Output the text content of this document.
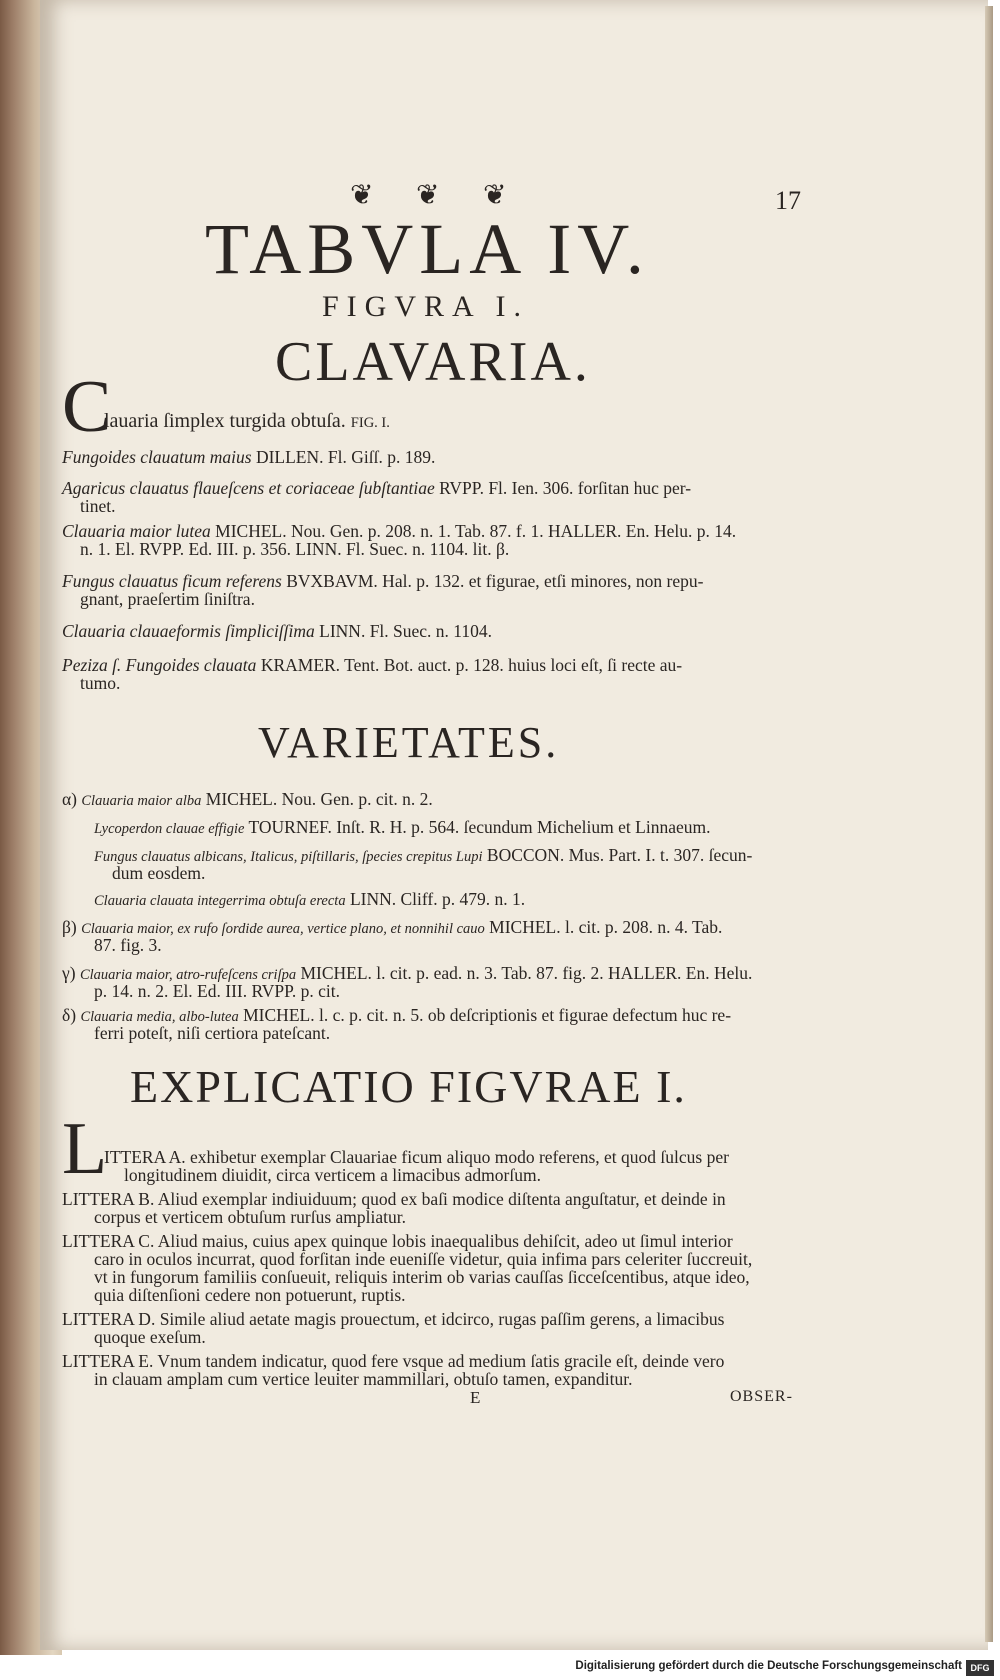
❦ ❦ ❦	17
TABVLA IV.
FIGVRA I.
CLAVARIA.
C
lauaria ſimplex turgida obtuſa. FIG. I.
Fungoides clauatum maius DILLEN. Fl. Giſſ. p. 189.
Agaricus clauatus flaueſcens et coriaceae ſubſtantiae RVPP. Fl. Ien. 306. forſitan huc per-
tinet.
Clauaria maior lutea MICHEL. Nou. Gen. p. 208. n. 1. Tab. 87. f. 1. HALLER. En. Helu. p. 14.
n. 1. El. RVPP. Ed. III. p. 356. LINN. Fl. Suec. n. 1104. lit. β.
Fungus clauatus ficum referens BVXBAVM. Hal. p. 132. et figurae, etſi minores, non repu-
gnant, praeſertim ſiniſtra.
Clauaria clauaeformis ſimpliciſſima LINN. Fl. Suec. n. 1104.
Peziza ſ. Fungoides clauata KRAMER. Tent. Bot. auct. p. 128. huius loci eſt, ſi recte au-
tumo.
VARIETATES.
α) Clauaria maior alba MICHEL. Nou. Gen. p. cit. n. 2.
Lycoperdon clauae effigie TOURNEF. Inſt. R. H. p. 564. ſecundum Michelium et Linnaeum.
Fungus clauatus albicans, Italicus, piſtillaris, ſpecies crepitus Lupi BOCCON. Mus. Part. I. t. 307. ſecun-
dum eosdem.
Clauaria clauata integerrima obtuſa erecta LINN. Cliff. p. 479. n. 1.
β) Clauaria maior, ex rufo ſordide aurea, vertice plano, et nonnihil cauo MICHEL. l. cit. p. 208. n. 4. Tab.
87. fig. 3.
γ) Clauaria maior, atro-rufeſcens criſpa MICHEL. l. cit. p. ead. n. 3. Tab. 87. fig. 2. HALLER. En. Helu.
p. 14. n. 2. El. Ed. III. RVPP. p. cit.
δ) Clauaria media, albo-lutea MICHEL. l. c. p. cit. n. 5. ob deſcriptionis et figurae defectum huc re-
ferri poteſt, niſi certiora pateſcant.
EXPLICATIO FIGVRAE I.
L
ITTERA A. exhibetur exemplar Clauariae ficum aliquo modo referens, et quod ſulcus per
longitudinem diuidit, circa verticem a limacibus admorſum.
LITTERA B. Aliud exemplar indiuiduum; quod ex baſi modice diſtenta anguſtatur, et deinde in
corpus et verticem obtuſum rurſus ampliatur.
LITTERA C. Aliud maius, cuius apex quinque lobis inaequalibus dehiſcit, adeo ut ſimul interior
caro in oculos incurrat, quod forſitan inde eueniſſe videtur, quia infima pars celeriter ſuccreuit,
vt in fungorum familiis conſueuit, reliquis interim ob varias cauſſas ſicceſcentibus, atque ideo,
quia diſtenſioni cedere non potuerunt, ruptis.
LITTERA D. Simile aliud aetate magis prouectum, et idcirco, rugas paſſim gerens, a limacibus
quoque exeſum.
LITTERA E. Vnum tandem indicatur, quod fere vsque ad medium ſatis gracile eſt, deinde vero
in clauam amplam cum vertice leuiter mammillari, obtuſo tamen, expanditur.
E	OBSER-
Digitalisierung gefördert durch die Deutsche Forschungsgemeinschaft DFG
